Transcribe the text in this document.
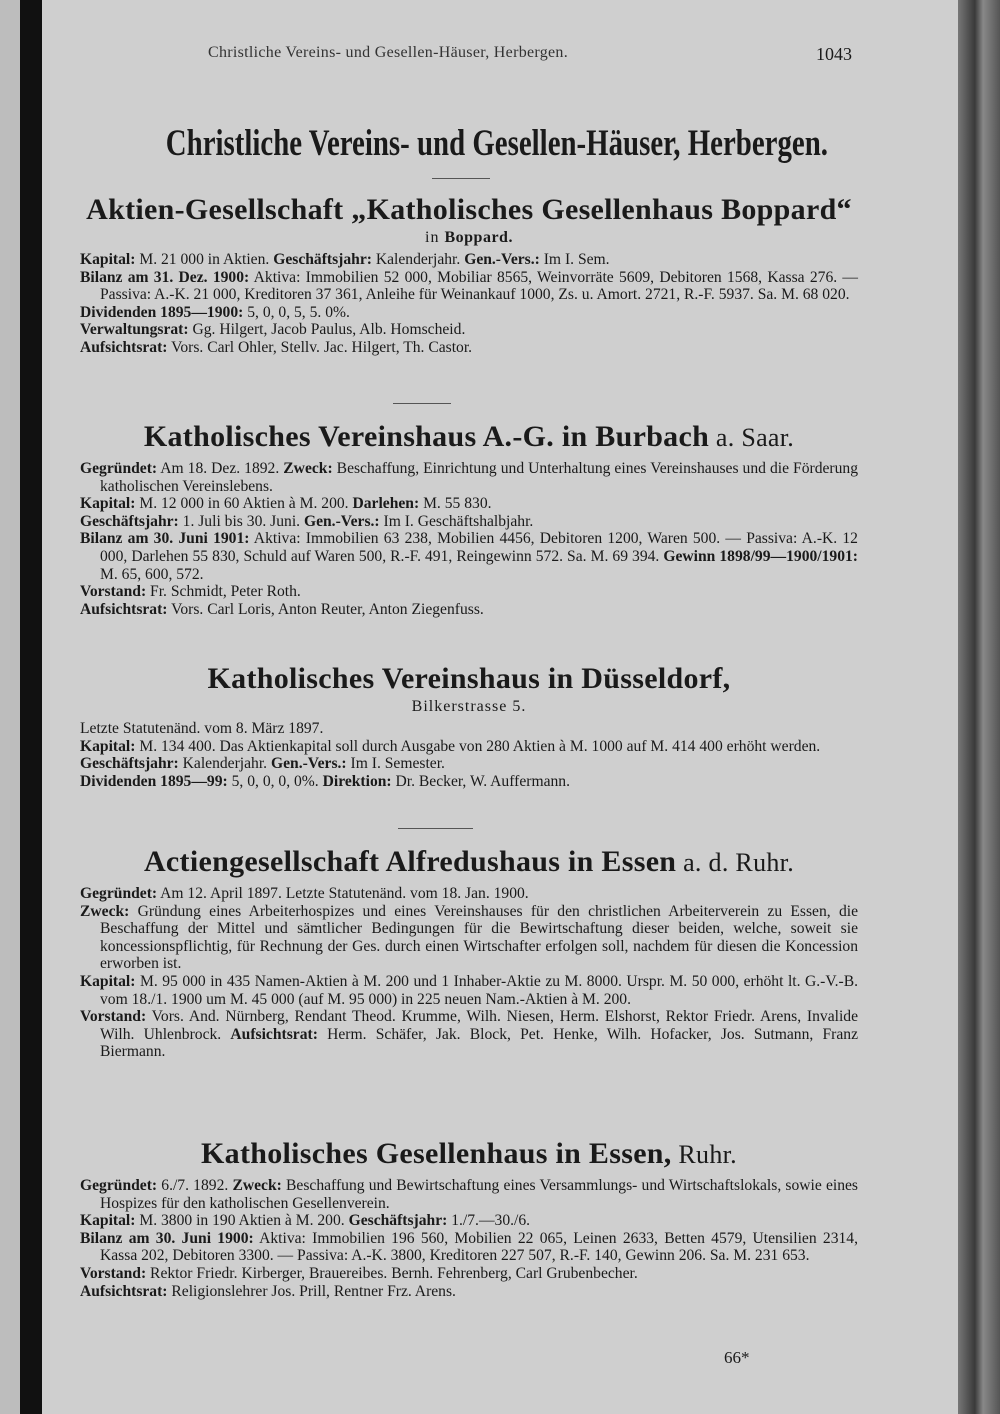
Christliche Vereins- und Gesellen-Häuser, Herbergen.	1043
Christliche Vereins- und Gesellen-Häuser, Herbergen.
Aktien-Gesellschaft „Katholisches Gesellenhaus Boppard“
in Boppard.
Kapital: M. 21 000 in Aktien. Geschäftsjahr: Kalenderjahr. Gen.-Vers.: Im I. Sem.
Bilanz am 31. Dez. 1900: Aktiva: Immobilien 52 000, Mobiliar 8565, Weinvorräte 5609, Debitoren 1568, Kassa 276. — Passiva: A.-K. 21 000, Kreditoren 37 361, Anleihe für Weinankauf 1000, Zs. u. Amort. 2721, R.-F. 5937. Sa. M. 68 020.
Dividenden 1895—1900: 5, 0, 0, 5, 5. 0%.
Verwaltungsrat: Gg. Hilgert, Jacob Paulus, Alb. Homscheid.
Aufsichtsrat: Vors. Carl Ohler, Stellv. Jac. Hilgert, Th. Castor.
Katholisches Vereinshaus A.-G. in Burbach a. Saar.
Gegründet: Am 18. Dez. 1892. Zweck: Beschaffung, Einrichtung und Unterhaltung eines Vereinshauses und die Förderung katholischen Vereinslebens.
Kapital: M. 12 000 in 60 Aktien à M. 200. Darlehen: M. 55 830.
Geschäftsjahr: 1. Juli bis 30. Juni. Gen.-Vers.: Im I. Geschäftshalbjahr.
Bilanz am 30. Juni 1901: Aktiva: Immobilien 63 238, Mobilien 4456, Debitoren 1200, Waren 500. — Passiva: A.-K. 12 000, Darlehen 55 830, Schuld auf Waren 500, R.-F. 491, Reingewinn 572. Sa. M. 69 394. Gewinn 1898/99—1900/1901: M. 65, 600, 572.
Vorstand: Fr. Schmidt, Peter Roth.
Aufsichtsrat: Vors. Carl Loris, Anton Reuter, Anton Ziegenfuss.
Katholisches Vereinshaus in Düsseldorf,
Bilkerstrasse 5.
Letzte Statutenänd. vom 8. März 1897.
Kapital: M. 134 400. Das Aktienkapital soll durch Ausgabe von 280 Aktien à M. 1000 auf M. 414 400 erhöht werden.
Geschäftsjahr: Kalenderjahr. Gen.-Vers.: Im I. Semester.
Dividenden 1895—99: 5, 0, 0, 0, 0%. Direktion: Dr. Becker, W. Auffermann.
Actiengesellschaft Alfredushaus in Essen a. d. Ruhr.
Gegründet: Am 12. April 1897. Letzte Statutenänd. vom 18. Jan. 1900.
Zweck: Gründung eines Arbeiterhospizes und eines Vereinshauses für den christlichen Arbeiterverein zu Essen, die Beschaffung der Mittel und sämtlicher Bedingungen für die Bewirtschaftung dieser beiden, welche, soweit sie koncessionspflichtig, für Rechnung der Ges. durch einen Wirtschafter erfolgen soll, nachdem für diesen die Koncession erworben ist.
Kapital: M. 95 000 in 435 Namen-Aktien à M. 200 und 1 Inhaber-Aktie zu M. 8000. Urspr. M. 50 000, erhöht lt. G.-V.-B. vom 18./1. 1900 um M. 45 000 (auf M. 95 000) in 225 neuen Nam.-Aktien à M. 200.
Vorstand: Vors. And. Nürnberg, Rendant Theod. Krumme, Wilh. Niesen, Herm. Elshorst, Rektor Friedr. Arens, Invalide Wilh. Uhlenbrock. Aufsichtsrat: Herm. Schäfer, Jak. Block, Pet. Henke, Wilh. Hofacker, Jos. Sutmann, Franz Biermann.
Katholisches Gesellenhaus in Essen, Ruhr.
Gegründet: 6./7. 1892. Zweck: Beschaffung und Bewirtschaftung eines Versammlungs- und Wirtschaftslokals, sowie eines Hospizes für den katholischen Gesellenverein.
Kapital: M. 3800 in 190 Aktien à M. 200. Geschäftsjahr: 1./7.—30./6.
Bilanz am 30. Juni 1900: Aktiva: Immobilien 196 560, Mobilien 22 065, Leinen 2633, Betten 4579, Utensilien 2314, Kassa 202, Debitoren 3300. — Passiva: A.-K. 3800, Kreditoren 227 507, R.-F. 140, Gewinn 206. Sa. M. 231 653.
Vorstand: Rektor Friedr. Kirberger, Brauereibes. Bernh. Fehrenberg, Carl Grubenbecher.
Aufsichtsrat: Religionslehrer Jos. Prill, Rentner Frz. Arens.
66*
